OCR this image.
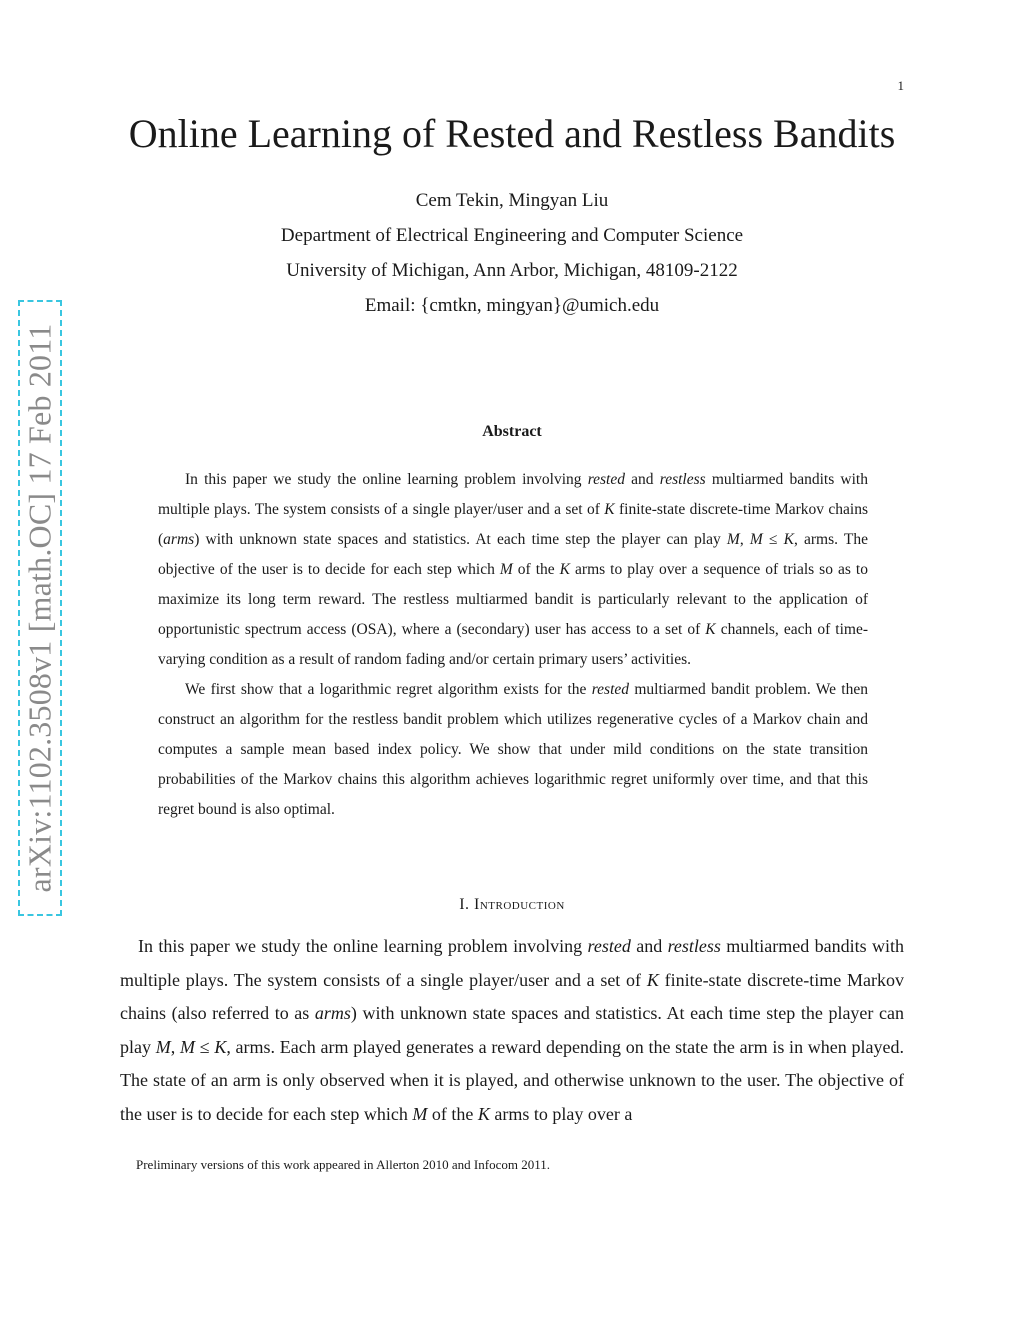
1
arXiv:1102.3508v1 [math.OC] 17 Feb 2011
Online Learning of Rested and Restless Bandits
Cem Tekin, Mingyan Liu
Department of Electrical Engineering and Computer Science
University of Michigan, Ann Arbor, Michigan, 48109-2122
Email: {cmtkn, mingyan}@umich.edu
Abstract

In this paper we study the online learning problem involving rested and restless multiarmed bandits with multiple plays. The system consists of a single player/user and a set of K finite-state discrete-time Markov chains (arms) with unknown state spaces and statistics. At each time step the player can play M, M ≤ K, arms. The objective of the user is to decide for each step which M of the K arms to play over a sequence of trials so as to maximize its long term reward. The restless multiarmed bandit is particularly relevant to the application of opportunistic spectrum access (OSA), where a (secondary) user has access to a set of K channels, each of time-varying condition as a result of random fading and/or certain primary users’ activities.

We first show that a logarithmic regret algorithm exists for the rested multiarmed bandit problem. We then construct an algorithm for the restless bandit problem which utilizes regenerative cycles of a Markov chain and computes a sample mean based index policy. We show that under mild conditions on the state transition probabilities of the Markov chains this algorithm achieves logarithmic regret uniformly over time, and that this regret bound is also optimal.

I. Introduction

In this paper we study the online learning problem involving rested and restless multiarmed bandits with multiple plays. The system consists of a single player/user and a set of K finite-state discrete-time Markov chains (also referred to as arms) with unknown state spaces and statistics. At each time step the player can play M, M ≤ K, arms. Each arm played generates a reward depending on the state the arm is in when played. The state of an arm is only observed when it is played, and otherwise unknown to the user. The objective of the user is to decide for each step which M of the K arms to play over a

Preliminary versions of this work appeared in Allerton 2010 and Infocom 2011.
